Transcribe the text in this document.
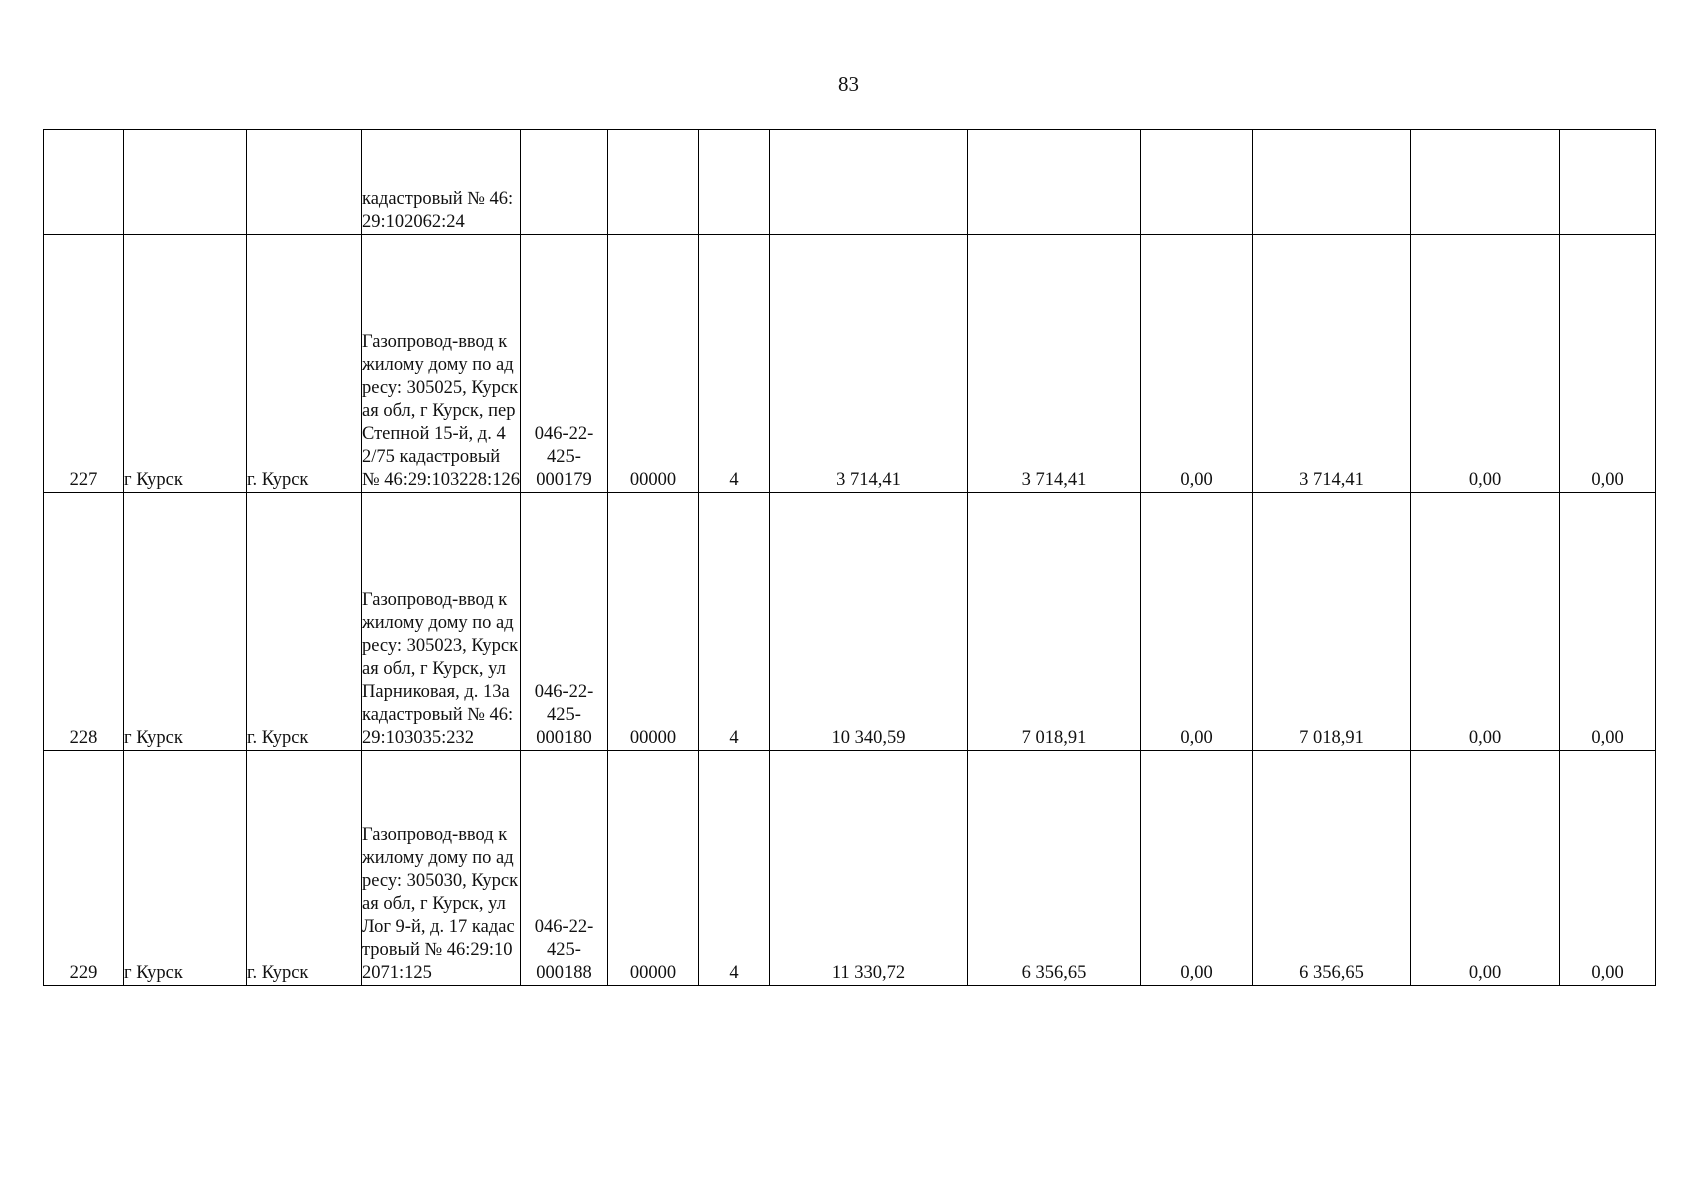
83
			кадастровый № 46:29:102062:24									
227	г Курск	г. Курск	Газопровод-ввод к жилому дому по адресу: 305025, Курская обл, г Курск, пер Степной 15-й, д. 42/75 кадастровый № 46:29:103228:126	046-22-425-000179	00000	4	3 714,41	3 714,41	0,00	3 714,41	0,00	0,00
228	г Курск	г. Курск	Газопровод-ввод к жилому дому по адресу: 305023, Курская обл, г Курск, ул Парниковая, д. 13а кадастровый № 46:29:103035:232	046-22-425-000180	00000	4	10 340,59	7 018,91	0,00	7 018,91	0,00	0,00
229	г Курск	г. Курск	Газопровод-ввод к жилому дому по адресу: 305030, Курская обл, г Курск, ул Лог 9-й, д. 17 кадастровый № 46:29:102071:125	046-22-425-000188	00000	4	11 330,72	6 356,65	0,00	6 356,65	0,00	0,00
